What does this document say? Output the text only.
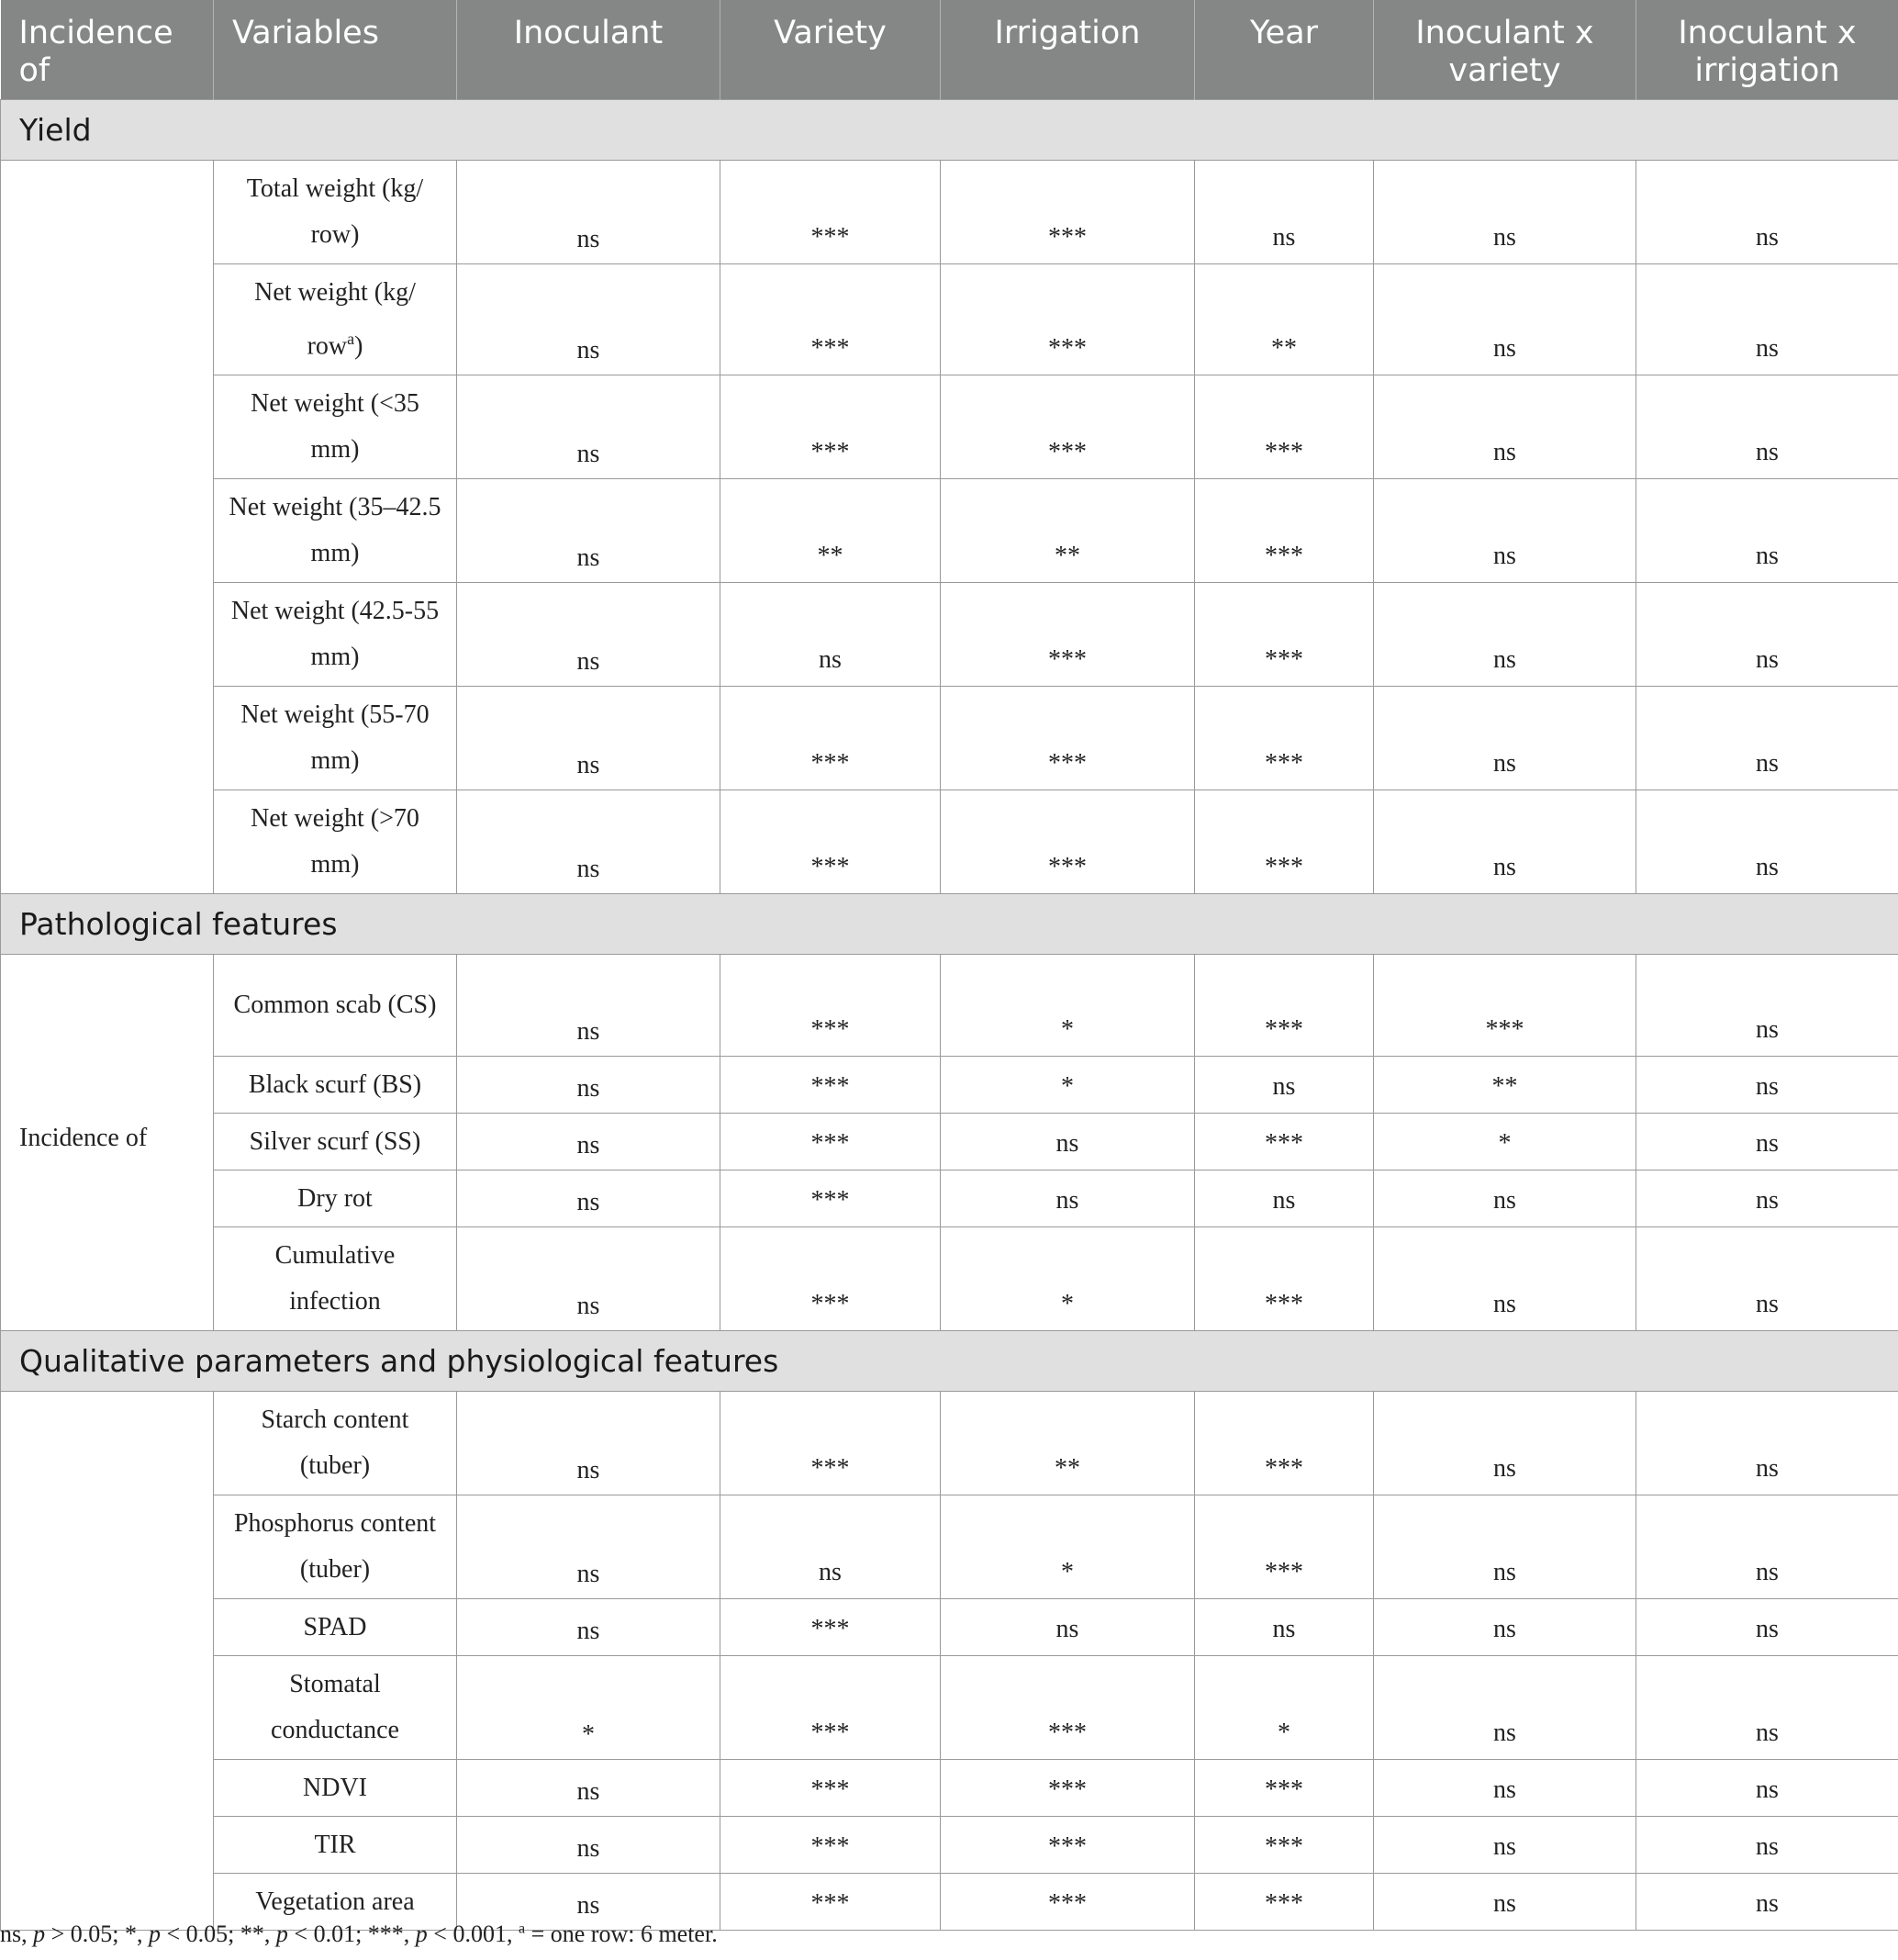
Incidence of	Variables	Inoculant	Variety	Irrigation	Year	Inoculant x variety	Inoculant x irrigation
Yield							
	Total weight (kg/ row)	ns	***	***	ns	ns	ns
	Net weight (kg/ row$^a$)	ns	***	***	**	ns	ns
	Net weight (<35 mm)	ns	***	***	***	ns	ns
	Net weight (35–42.5 mm)	ns	**	**	***	ns	ns
	Net weight (42.5-55 mm)	ns	ns	***	***	ns	ns
	Net weight (55-70 mm)	ns	***	***	***	ns	ns
	Net weight (>70 mm)	ns	***	***	***	ns	ns
Pathological features							
Incidence of	Common scab (CS)	ns	***	*	***	***	ns
	Black scurf (BS)	ns	***	*	ns	**	ns
	Silver scurf (SS)	ns	***	ns	***	*	ns
	Dry rot	ns	***	ns	ns	ns	ns
	Cumulative infection	ns	***	*	***	ns	ns
Qualitative parameters and physiological features							
	Starch content (tuber)	ns	***	**	***	ns	ns
	Phosphorus content (tuber)	ns	ns	*	***	ns	ns
	SPAD	ns	***	ns	ns	ns	ns
	Stomatal conductance	*	***	***	*	ns	ns
	NDVI	ns	***	***	***	ns	ns
	TIR	ns	***	***	***	ns	ns
	Vegetation area	ns	***	***	***	ns	ns
ns, p > 0.05; *, p < 0.05; **, p < 0.01; ***, p < 0.001, $^a$ = one row: 6 meter.
